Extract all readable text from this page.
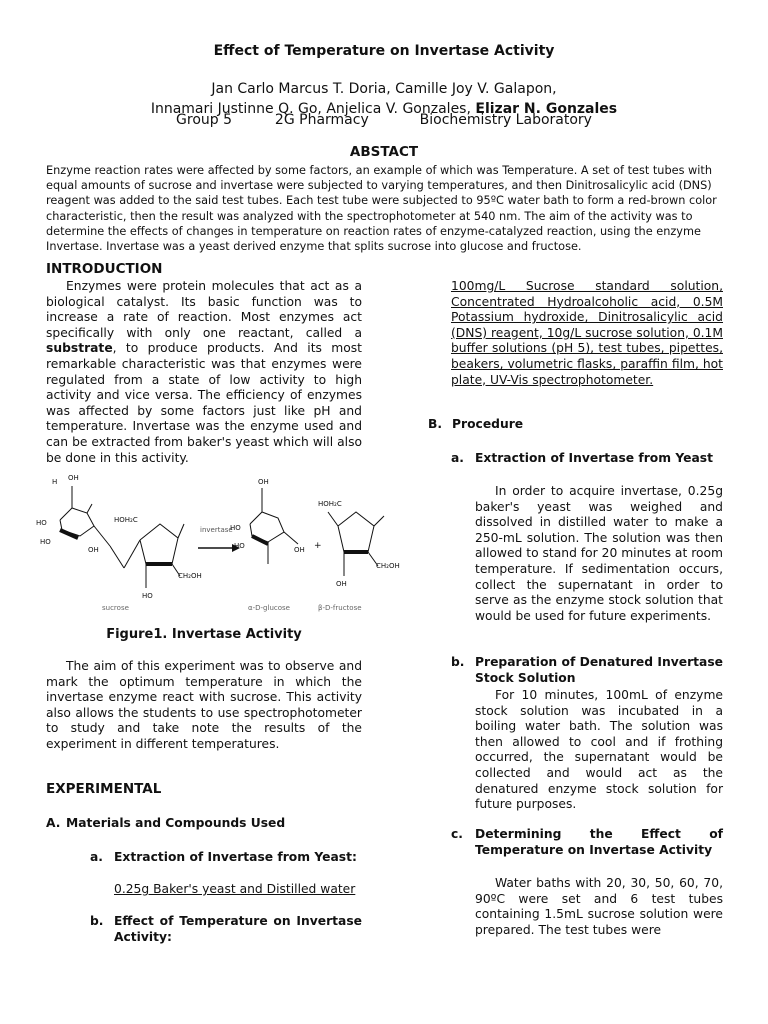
Effect of Temperature on Invertase Activity
Jan Carlo Marcus T. Doria, Camille Joy V. Galapon,
Innamari Justinne Q. Go, Anjelica V. Gonzales, Elizar N. Gonzales
Group 5	2G Pharmacy	Biochemistry Laboratory
ABSTACT
Enzyme reaction rates were affected by some factors, an example of which was Temperature. A set of test tubes with equal amounts of sucrose and invertase were subjected to varying temperatures, and then Dinitrosalicylic acid (DNS) reagent was added to the said test tubes. Each test tube were subjected to 95ºC water bath to form a red-brown color characteristic, then the result was analyzed with the spectrophotometer at 540 nm. The aim of the activity was to determine the effects of changes in temperature on reaction rates of enzyme-catalyzed reaction, using the enzyme Invertase. Invertase was a yeast derived enzyme that splits sucrose into glucose and fructose.
INTRODUCTION
Enzymes were protein molecules that act as a biological catalyst. Its basic function was to increase a rate of reaction. Most enzymes act specifically with only one reactant, called a substrate, to produce products. And its most remarkable characteristic was that enzymes were regulated from a state of low activity to high activity and vice versa. The efficiency of enzymes was affected by some factors just like pH and temperature. Invertase was the enzyme used and can be extracted from baker's yeast which will also be done in this activity.
H OH
HO
HO
OH
HOH₂C
CH₂OH
HO
sucrose
invertase
OH
HO
HO	OH
α-D-glucose
+
HOH₂C
CH₂OH
OH
β-D-fructose
Figure1. Invertase Activity
The aim of this experiment was to observe and mark the optimum temperature in which the invertase enzyme react with sucrose. This activity also allows the students to use spectrophotometer to study and take note the results of the experiment in different temperatures.
EXPERIMENTAL
A. Materials and Compounds Used
a. Extraction of Invertase from Yeast:
0.25g Baker's yeast and Distilled water
b. Effect of Temperature on Invertase Activity:
100mg/L Sucrose standard solution, Concentrated Hydroalcoholic acid, 0.5M Potassium hydroxide, Dinitrosalicylic acid (DNS) reagent, 10g/L sucrose solution, 0.1M buffer solutions (pH 5), test tubes, pipettes, beakers, volumetric flasks, paraffin film, hot plate, UV-Vis spectrophotometer.
B. Procedure
a. Extraction of Invertase from Yeast
In order to acquire invertase, 0.25g baker's yeast was weighed and dissolved in distilled water to make a 250-mL solution. The solution was then allowed to stand for 20 minutes at room temperature. If sedimentation occurs, collect the supernatant in order to serve as the enzyme stock solution that would be used for future experiments.
b. Preparation of Denatured Invertase Stock Solution
For 10 minutes, 100mL of enzyme stock solution was incubated in a boiling water bath. The solution was then allowed to cool and if frothing occurred, the supernatant would be collected and would act as the denatured enzyme stock solution for future purposes.
c. Determining the Effect of Temperature on Invertase Activity
Water baths with 20, 30, 50, 60, 70, 90ºC were set and 6 test tubes containing 1.5mL sucrose solution were prepared. The test tubes were
